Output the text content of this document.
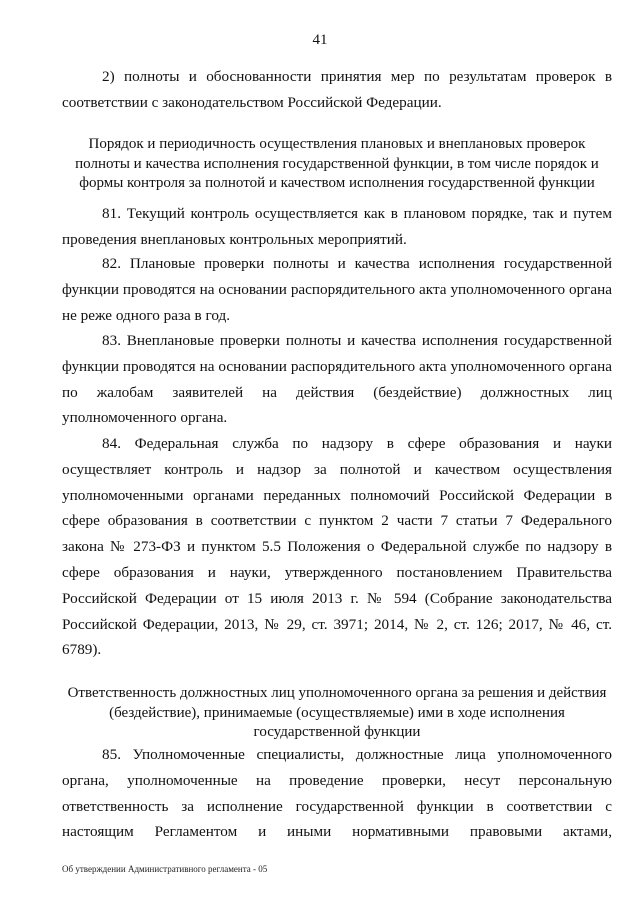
41

2) полноты и обоснованности принятия мер по результатам проверок в соответствии с законодательством Российской Федерации.

Порядок и периодичность осуществления плановых и внеплановых проверок полноты и качества исполнения государственной функции, в том числе порядок и формы контроля за полнотой и качеством исполнения государственной функции

81. Текущий контроль осуществляется как в плановом порядке, так и путем проведения внеплановых контрольных мероприятий.

82. Плановые проверки полноты и качества исполнения государственной функции проводятся на основании распорядительного акта уполномоченного органа не реже одного раза в год.

83. Внеплановые проверки полноты и качества исполнения государственной функции проводятся на основании распорядительного акта уполномоченного органа по жалобам заявителей на действия (бездействие) должностных лиц уполномоченного органа.

84. Федеральная служба по надзору в сфере образования и науки осуществляет контроль и надзор за полнотой и качеством осуществления уполномоченными органами переданных полномочий Российской Федерации в сфере образования в соответствии с пунктом 2 части 7 статьи 7 Федерального закона № 273-ФЗ и пунктом 5.5 Положения о Федеральной службе по надзору в сфере образования и науки, утвержденного постановлением Правительства Российской Федерации от 15 июля 2013 г. № 594 (Собрание законодательства Российской Федерации, 2013, № 29, ст. 3971; 2014, № 2, ст. 126; 2017, № 46, ст. 6789).

Ответственность должностных лиц уполномоченного органа за решения и действия (бездействие), принимаемые (осуществляемые) ими в ходе исполнения государственной функции

85. Уполномоченные специалисты, должностные лица уполномоченного органа, уполномоченные на проведение проверки, несут персональную ответственность за исполнение государственной функции в соответствии с настоящим Регламентом и иными нормативными правовыми актами,

Об утверждении Административного регламента - 05
